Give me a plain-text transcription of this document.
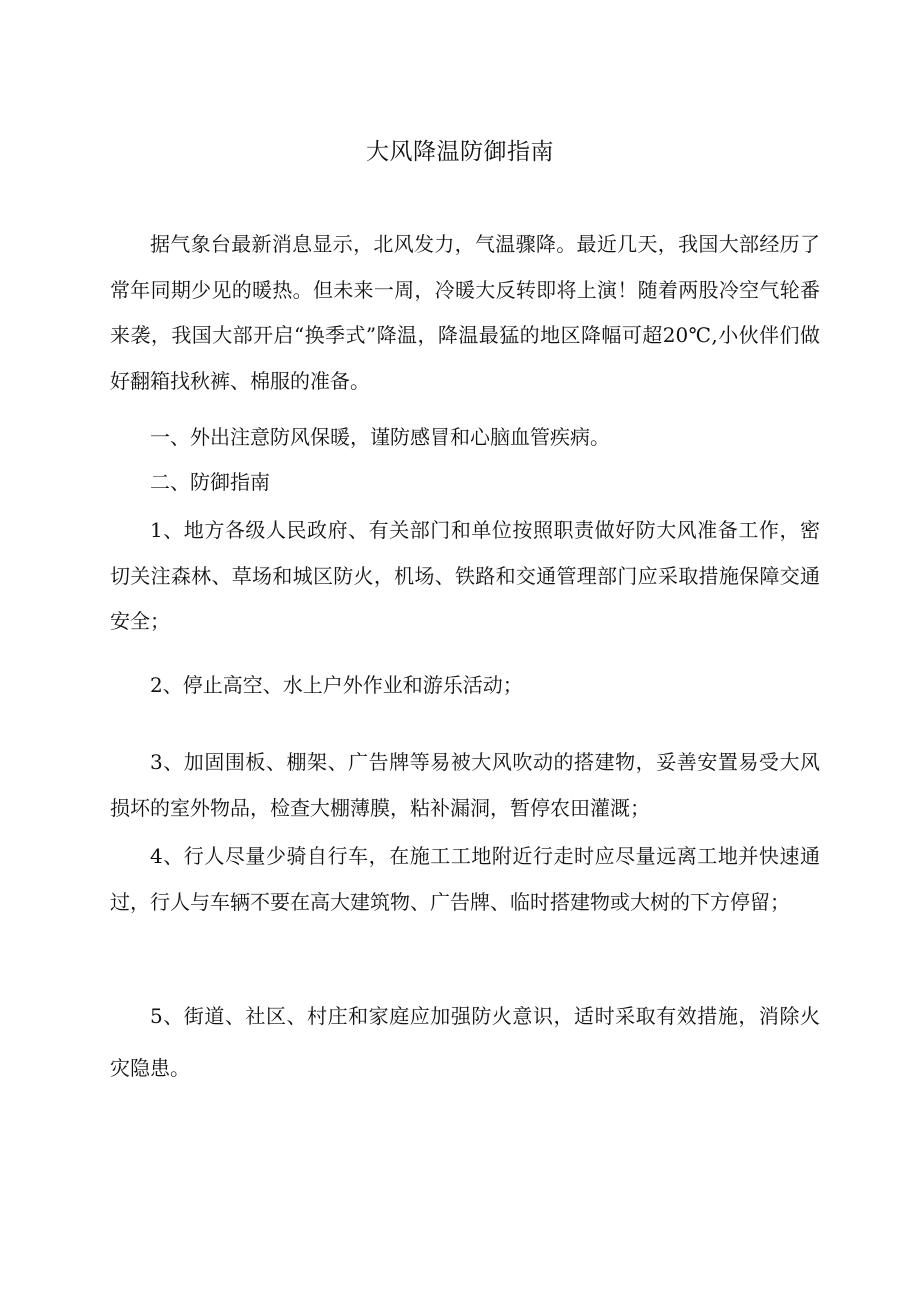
大风降温防御指南

据气象台最新消息显示，北风发力，气温骤降。最近几天，我国大部经历了常年同期少见的暖热。但未来一周，冷暖大反转即将上演！随着两股冷空气轮番来袭，我国大部开启“换季式”降温，降温最猛的地区降幅可超20℃,小伙伴们做好翻箱找秋裤、棉服的准备。

一、外出注意防风保暖，谨防感冒和心脑血管疾病。

二、防御指南

1、地方各级人民政府、有关部门和单位按照职责做好防大风准备工作，密切关注森林、草场和城区防火，机场、铁路和交通管理部门应采取措施保障交通安全；

2、停止高空、水上户外作业和游乐活动；

3、加固围板、棚架、广告牌等易被大风吹动的搭建物，妥善安置易受大风损坏的室外物品，检查大棚薄膜，粘补漏洞，暂停农田灌溉；

4、行人尽量少骑自行车，在施工工地附近行走时应尽量远离工地并快速通过，行人与车辆不要在高大建筑物、广告牌、临时搭建物或大树的下方停留；

5、街道、社区、村庄和家庭应加强防火意识，适时采取有效措施，消除火灾隐患。
